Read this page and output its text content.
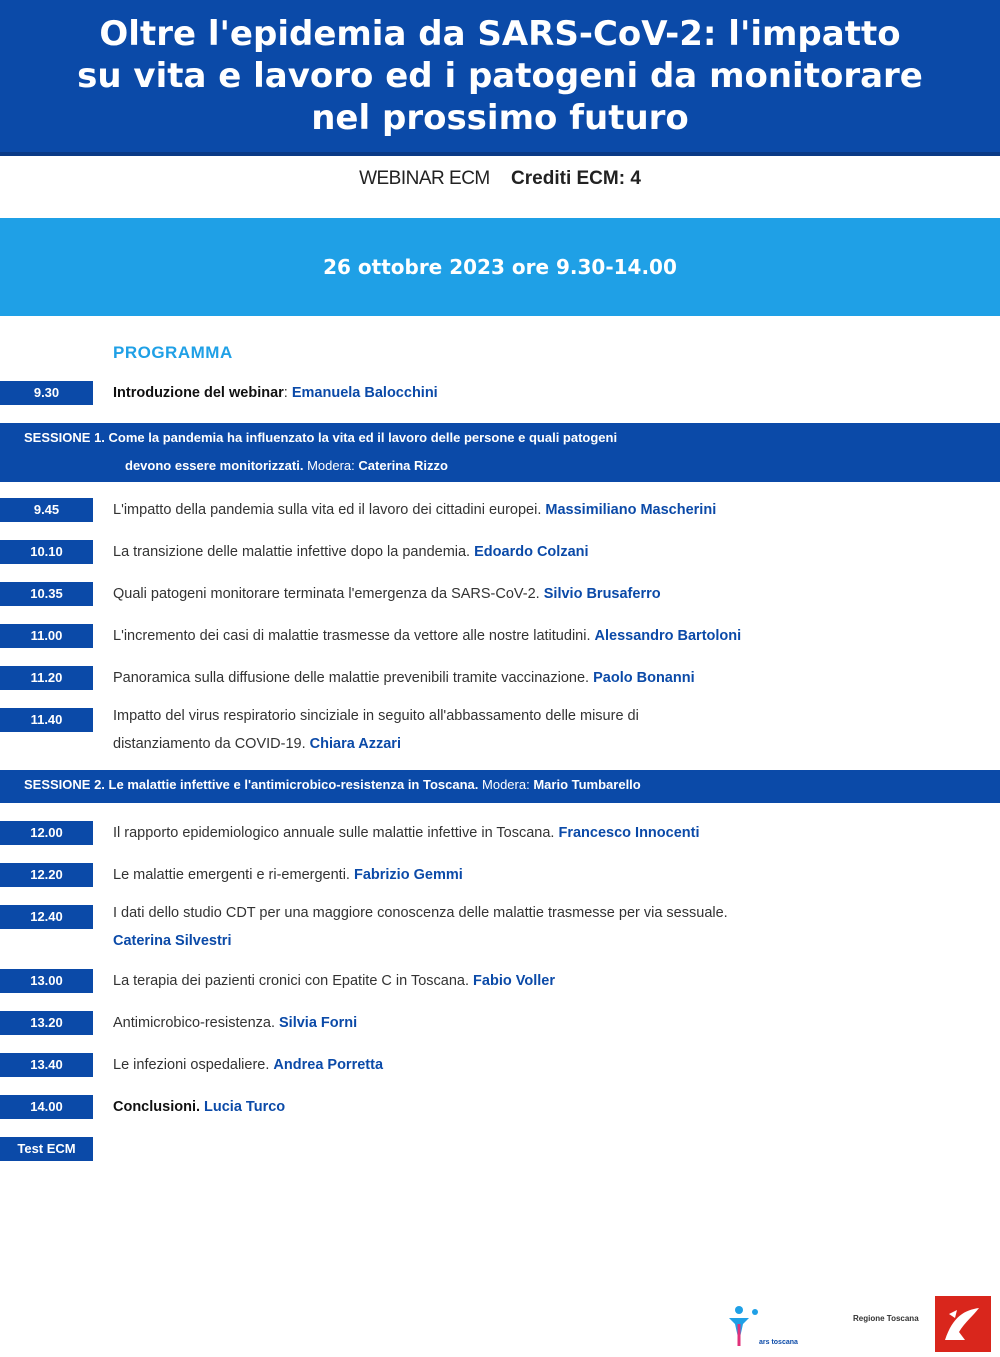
Oltre l'epidemia da SARS-CoV-2: l'impatto
su vita e lavoro ed i patogeni da monitorare
nel prossimo futuro
WEBINAR ECM Crediti ECM: 4
26 ottobre 2023 ore 9.30-14.00
PROGRAMMA
9.30	Introduzione del webinar: Emanuela Balocchini
SESSIONE 1. Come la pandemia ha influenzato la vita ed il lavoro delle persone e quali patogeni
devono essere monitorizzati. Modera: Caterina Rizzo
9.45	L'impatto della pandemia sulla vita ed il lavoro dei cittadini europei. Massimiliano Mascherini
10.10	La transizione delle malattie infettive dopo la pandemia. Edoardo Colzani
10.35	Quali patogeni monitorare terminata l'emergenza da SARS-CoV-2. Silvio Brusaferro
11.00	L'incremento dei casi di malattie trasmesse da vettore alle nostre latitudini. Alessandro Bartoloni
11.20	Panoramica sulla diffusione delle malattie prevenibili tramite vaccinazione. Paolo Bonanni
11.40	Impatto del virus respiratorio sinciziale in seguito all'abbassamento delle misure di
distanziamento da COVID-19. Chiara Azzari
SESSIONE 2. Le malattie infettive e l'antimicrobico-resistenza in Toscana. Modera: Mario Tumbarello
12.00	Il rapporto epidemiologico annuale sulle malattie infettive in Toscana. Francesco Innocenti
12.20	Le malattie emergenti e ri-emergenti. Fabrizio Gemmi
12.40	I dati dello studio CDT per una maggiore conoscenza delle malattie trasmesse per via sessuale.
Caterina Silvestri
13.00	La terapia dei pazienti cronici con Epatite C in Toscana. Fabio Voller
13.20	Antimicrobico-resistenza. Silvia Forni
13.40	Le infezioni ospedaliere. Andrea Porretta
14.00	Conclusioni. Lucia Turco
Test ECM
ars toscana
Regione Toscana
